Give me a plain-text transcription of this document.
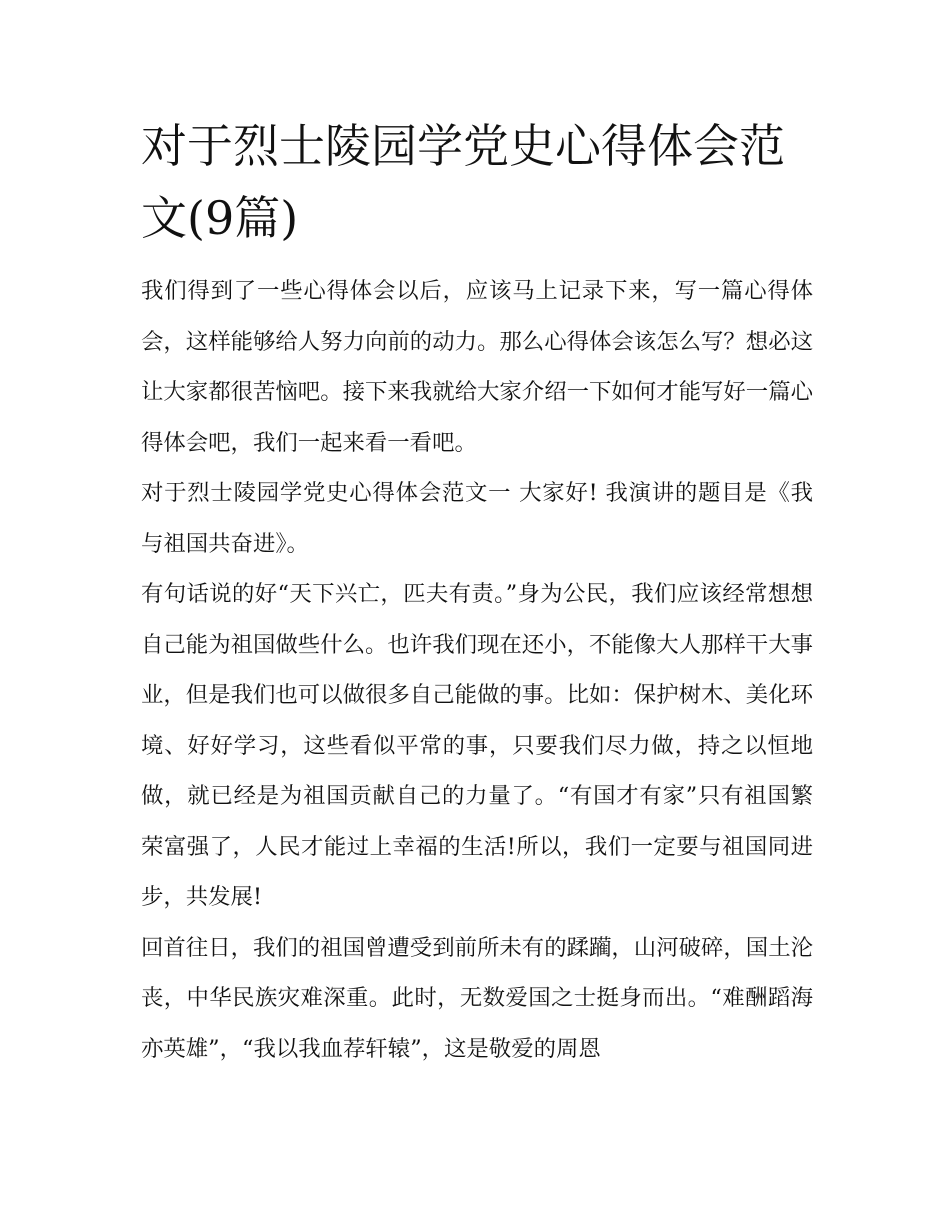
对于烈士陵园学党史心得体会范文(9篇)

我们得到了一些心得体会以后，应该马上记录下来，写一篇心得体会，这样能够给人努力向前的动力。那么心得体会该怎么写？想必这让大家都很苦恼吧。接下来我就给大家介绍一下如何才能写好一篇心得体会吧，我们一起来看一看吧。

对于烈士陵园学党史心得体会范文一 大家好! 我演讲的题目是《我与祖国共奋进》。

有句话说的好“天下兴亡，匹夫有责。”身为公民，我们应该经常想想自己能为祖国做些什么。也许我们现在还小，不能像大人那样干大事业，但是我们也可以做很多自己能做的事。比如：保护树木、美化环境、好好学习，这些看似平常的事，只要我们尽力做，持之以恒地做，就已经是为祖国贡献自己的力量了。“有国才有家”只有祖国繁荣富强了，人民才能过上幸福的生活!所以，我们一定要与祖国同进步，共发展!

回首往日，我们的祖国曾遭受到前所未有的蹂躏，山河破碎，国土沦丧，中华民族灾难深重。此时，无数爱国之士挺身而出。“难酬蹈海亦英雄”，“我以我血荐轩辕”，这是敬爱的周恩
